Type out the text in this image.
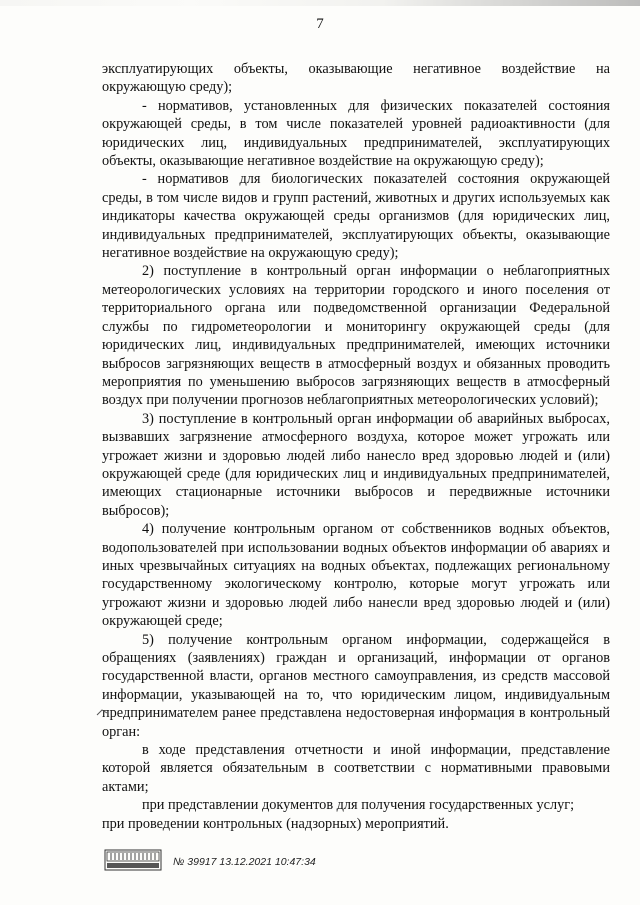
7

эксплуатирующих объекты, оказывающие негативное воздействие на окружающую среду);

- нормативов, установленных для физических показателей состояния окружающей среды, в том числе показателей уровней радиоактивности (для юридических лиц, индивидуальных предпринимателей, эксплуатирующих объекты, оказывающие негативное воздействие на окружающую среду);

- нормативов для биологических показателей состояния окружающей среды, в том числе видов и групп растений, животных и других используемых как индикаторы качества окружающей среды организмов (для юридических лиц, индивидуальных предпринимателей, эксплуатирующих объекты, оказывающие негативное воздействие на окружающую среду);

2) поступление в контрольный орган информации о неблагоприятных метеорологических условиях на территории городского и иного поселения от территориального органа или подведомственной организации Федеральной службы по гидрометеорологии и мониторингу окружающей среды (для юридических лиц, индивидуальных предпринимателей, имеющих источники выбросов загрязняющих веществ в атмосферный воздух и обязанных проводить мероприятия по уменьшению выбросов загрязняющих веществ в атмосферный воздух при получении прогнозов неблагоприятных метеорологических условий);

3) поступление в контрольный орган информации об аварийных выбросах, вызвавших загрязнение атмосферного воздуха, которое может угрожать или угрожает жизни и здоровью людей либо нанесло вред здоровью людей и (или) окружающей среде (для юридических лиц и индивидуальных предпринимателей, имеющих стационарные источники выбросов и передвижные источники выбросов);

4) получение контрольным органом от собственников водных объектов, водопользователей при использовании водных объектов информации об авариях и иных чрезвычайных ситуациях на водных объектах, подлежащих региональному государственному экологическому контролю, которые могут угрожать или угрожают жизни и здоровью людей либо нанесли вред здоровью людей и (или) окружающей среде;

5) получение контрольным органом информации, содержащейся в обращениях (заявлениях) граждан и организаций, информации от органов государственной власти, органов местного самоуправления, из средств массовой информации, указывающей на то, что юридическим лицом, индивидуальным предпринимателем ранее представлена недостоверная информация в контрольный орган:

в ходе представления отчетности и иной информации, представление которой является обязательным в соответствии с нормативными правовыми актами;

при представлении документов для получения государственных услуг;

при проведении контрольных (надзорных) мероприятий.

№ 39917 13.12.2021 10:47:34
